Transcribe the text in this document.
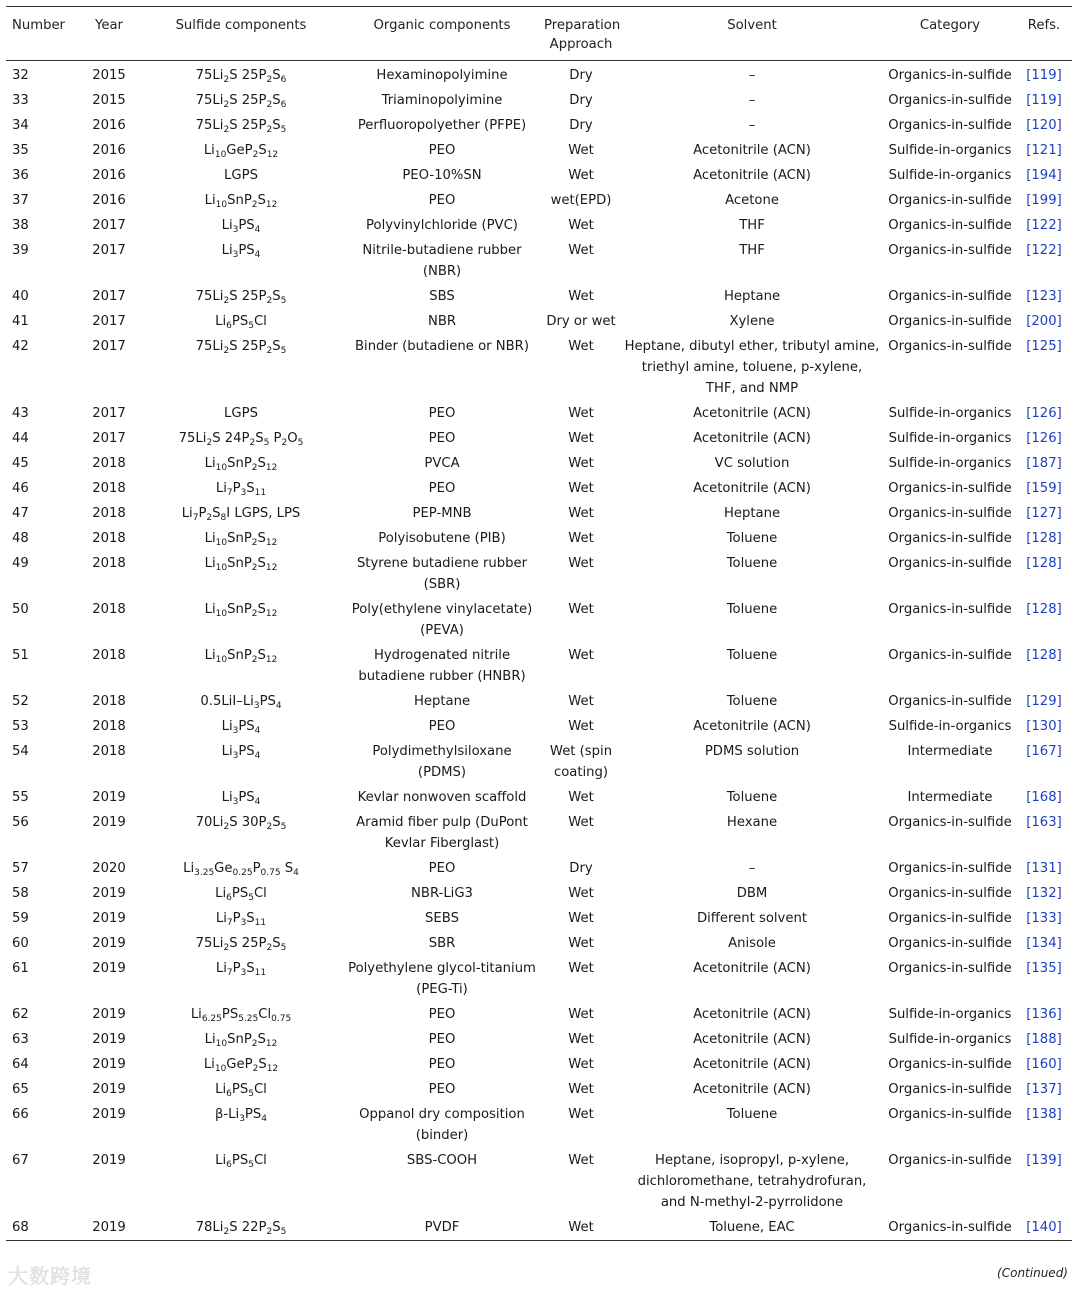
Number	Year	Sulfide components	Organic components	Preparation Approach	Solvent	Category	Refs.
32	2015	$75Li_2S$ $25P_2S_6$	Hexaminopolyimine	Dry	–	Organics-in-sulfide	[119]
33	2015	$75Li_2S$ $25P_2S_6$	Triaminopolyimine	Dry	–	Organics-in-sulfide	[119]
34	2016	$75Li_2S$ $25P_2S_5$	Perfluoropolyether (PFPE)	Dry	–	Organics-in-sulfide	[120]
35	2016	$Li_{10}GeP_2S_{12}$	PEO	Wet	Acetonitrile (ACN)	Sulfide-in-organics	[121]
36	2016	LGPS	PEO-10%SN	Wet	Acetonitrile (ACN)	Sulfide-in-organics	[194]
37	2016	$Li_{10}SnP_2S_{12}$	PEO	wet(EPD)	Acetone	Organics-in-sulfide	[199]
38	2017	$Li_3PS_4$	Polyvinylchloride (PVC)	Wet	THF	Organics-in-sulfide	[122]
39	2017	$Li_3PS_4$	Nitrile-butadiene rubber
(NBR)	Wet	THF	Organics-in-sulfide	[122]
40	2017	$75Li_2S$ $25P_2S_5$	SBS	Wet	Heptane	Organics-in-sulfide	[123]
41	2017	$Li_6PS_5Cl$	NBR	Dry or wet	Xylene	Organics-in-sulfide	[200]
42	2017	$75Li_2S$ $25P_2S_5$	Binder (butadiene or NBR)	Wet	Heptane, dibutyl ether, tributyl amine,
triethyl amine, toluene, p-xylene,
THF, and NMP	Organics-in-sulfide	[125]
43	2017	LGPS	PEO	Wet	Acetonitrile (ACN)	Sulfide-in-organics	[126]
44	2017	$75Li_2S$ $24P_2S_5$ $P_2O_5$	PEO	Wet	Acetonitrile (ACN)	Sulfide-in-organics	[126]
45	2018	$Li_{10}SnP_2S_{12}$	PVCA	Wet	VC solution	Sulfide-in-organics	[187]
46	2018	$Li_7P_3S_{11}$	PEO	Wet	Acetonitrile (ACN)	Organics-in-sulfide	[159]
47	2018	$Li_7P_2S_8I$ LGPS, LPS	PEP-MNB	Wet	Heptane	Organics-in-sulfide	[127]
48	2018	$Li_{10}SnP_2S_{12}$	Polyisobutene (PIB)	Wet	Toluene	Organics-in-sulfide	[128]
49	2018	$Li_{10}SnP_2S_{12}$	Styrene butadiene rubber
(SBR)	Wet	Toluene	Organics-in-sulfide	[128]
50	2018	$Li_{10}SnP_2S_{12}$	Poly(ethylene vinylacetate)
(PEVA)	Wet	Toluene	Organics-in-sulfide	[128]
51	2018	$Li_{10}SnP_2S_{12}$	Hydrogenated nitrile
butadiene rubber (HNBR)	Wet	Toluene	Organics-in-sulfide	[128]
52	2018	$0.5LiI-Li_3PS_4$	Heptane	Wet	Toluene	Organics-in-sulfide	[129]
53	2018	$Li_3PS_4$	PEO	Wet	Acetonitrile (ACN)	Sulfide-in-organics	[130]
54	2018	$Li_3PS_4$	Polydimethylsiloxane
(PDMS)	Wet (spin
coating)	PDMS solution	Intermediate	[167]
55	2019	$Li_3PS_4$	Kevlar nonwoven scaffold	Wet	Toluene	Intermediate	[168]
56	2019	$70Li_2S$ $30P_2S_5$	Aramid fiber pulp (DuPont
Kevlar Fiberglast)	Wet	Hexane	Organics-in-sulfide	[163]
57	2020	$Li_{3.25}Ge_{0.25}P_{0.75}$ $S_4$	PEO	Dry	–	Organics-in-sulfide	[131]
58	2019	$Li_6PS_5Cl$	NBR-LiG3	Wet	DBM	Organics-in-sulfide	[132]
59	2019	$Li_7P_3S_{11}$	SEBS	Wet	Different solvent	Organics-in-sulfide	[133]
60	2019	$75Li_2S$ $25P_2S_5$	SBR	Wet	Anisole	Organics-in-sulfide	[134]
61	2019	$Li_7P_3S_{11}$	Polyethylene glycol-titanium
(PEG-Ti)	Wet	Acetonitrile (ACN)	Organics-in-sulfide	[135]
62	2019	$Li_{6.25}PS_{5.25}Cl_{0.75}$	PEO	Wet	Acetonitrile (ACN)	Sulfide-in-organics	[136]
63	2019	$Li_{10}SnP_2S_{12}$	PEO	Wet	Acetonitrile (ACN)	Sulfide-in-organics	[188]
64	2019	$Li_{10}GeP_2S_{12}$	PEO	Wet	Acetonitrile (ACN)	Organics-in-sulfide	[160]
65	2019	$Li_6PS_5Cl$	PEO	Wet	Acetonitrile (ACN)	Organics-in-sulfide	[137]
66	2019	$\beta-Li_3PS_4$	Oppanol dry composition
(binder)	Wet	Toluene	Organics-in-sulfide	[138]
67	2019	$Li_6PS_5Cl$	SBS-COOH	Wet	Heptane, isopropyl, p-xylene,
dichloromethane, tetrahydrofuran,
and N-methyl-2-pyrrolidone	Organics-in-sulfide	[139]
68	2019	$78Li_2S$ $22P_2S_5$	PVDF	Wet	Toluene, EAC	Organics-in-sulfide	[140]
(Continued)
大数跨境
